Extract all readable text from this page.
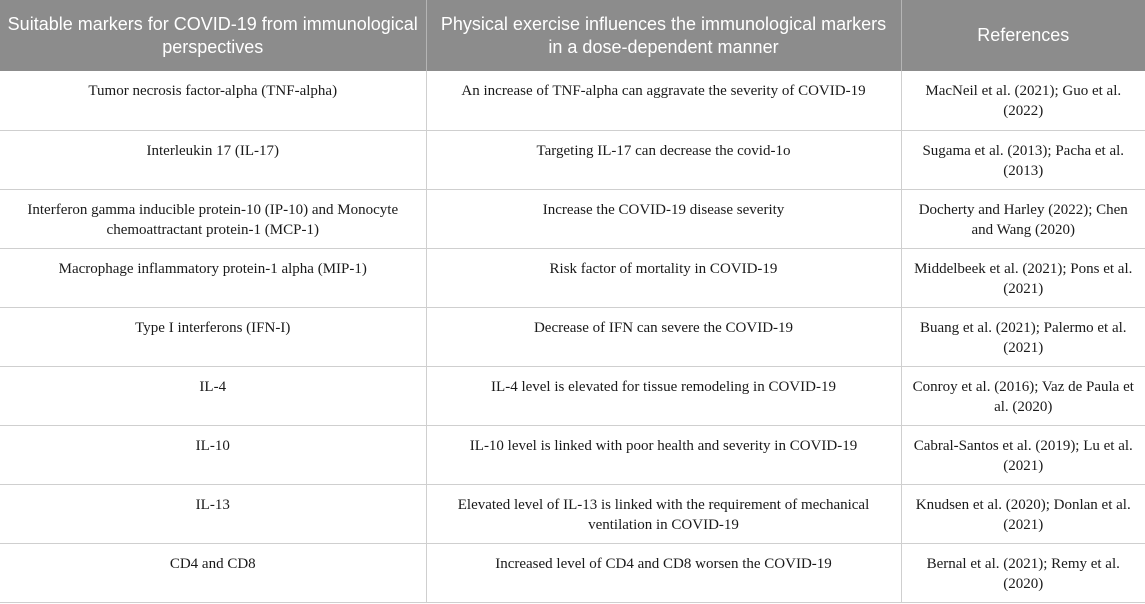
Suitable markers for COVID-19 from immunological perspectives	Physical exercise influences the immunological markers in a dose-dependent manner	References
Tumor necrosis factor-alpha (TNF-alpha)	An increase of TNF-alpha can aggravate the severity of COVID-19	MacNeil et al. (2021); Guo et al. (2022)
Interleukin 17 (IL-17)	Targeting IL-17 can decrease the covid-1o	Sugama et al. (2013); Pacha et al. (2013)
Interferon gamma inducible protein-10 (IP-10) and Monocyte chemoattractant protein-1 (MCP-1)	Increase the COVID-19 disease severity	Docherty and Harley (2022); Chen and Wang (2020)
Macrophage inflammatory protein-1 alpha (MIP-1)	Risk factor of mortality in COVID-19	Middelbeek et al. (2021); Pons et al. (2021)
Type I interferons (IFN-I)	Decrease of IFN can severe the COVID-19	Buang et al. (2021); Palermo et al. (2021)
IL-4	IL-4 level is elevated for tissue remodeling in COVID-19	Conroy et al. (2016); Vaz de Paula et al. (2020)
IL-10	IL-10 level is linked with poor health and severity in COVID-19	Cabral-Santos et al. (2019); Lu et al. (2021)
IL-13	Elevated level of IL-13 is linked with the requirement of mechanical ventilation in COVID-19	Knudsen et al. (2020); Donlan et al. (2021)
CD4 and CD8	Increased level of CD4 and CD8 worsen the COVID-19	Bernal et al. (2021); Remy et al. (2020)
